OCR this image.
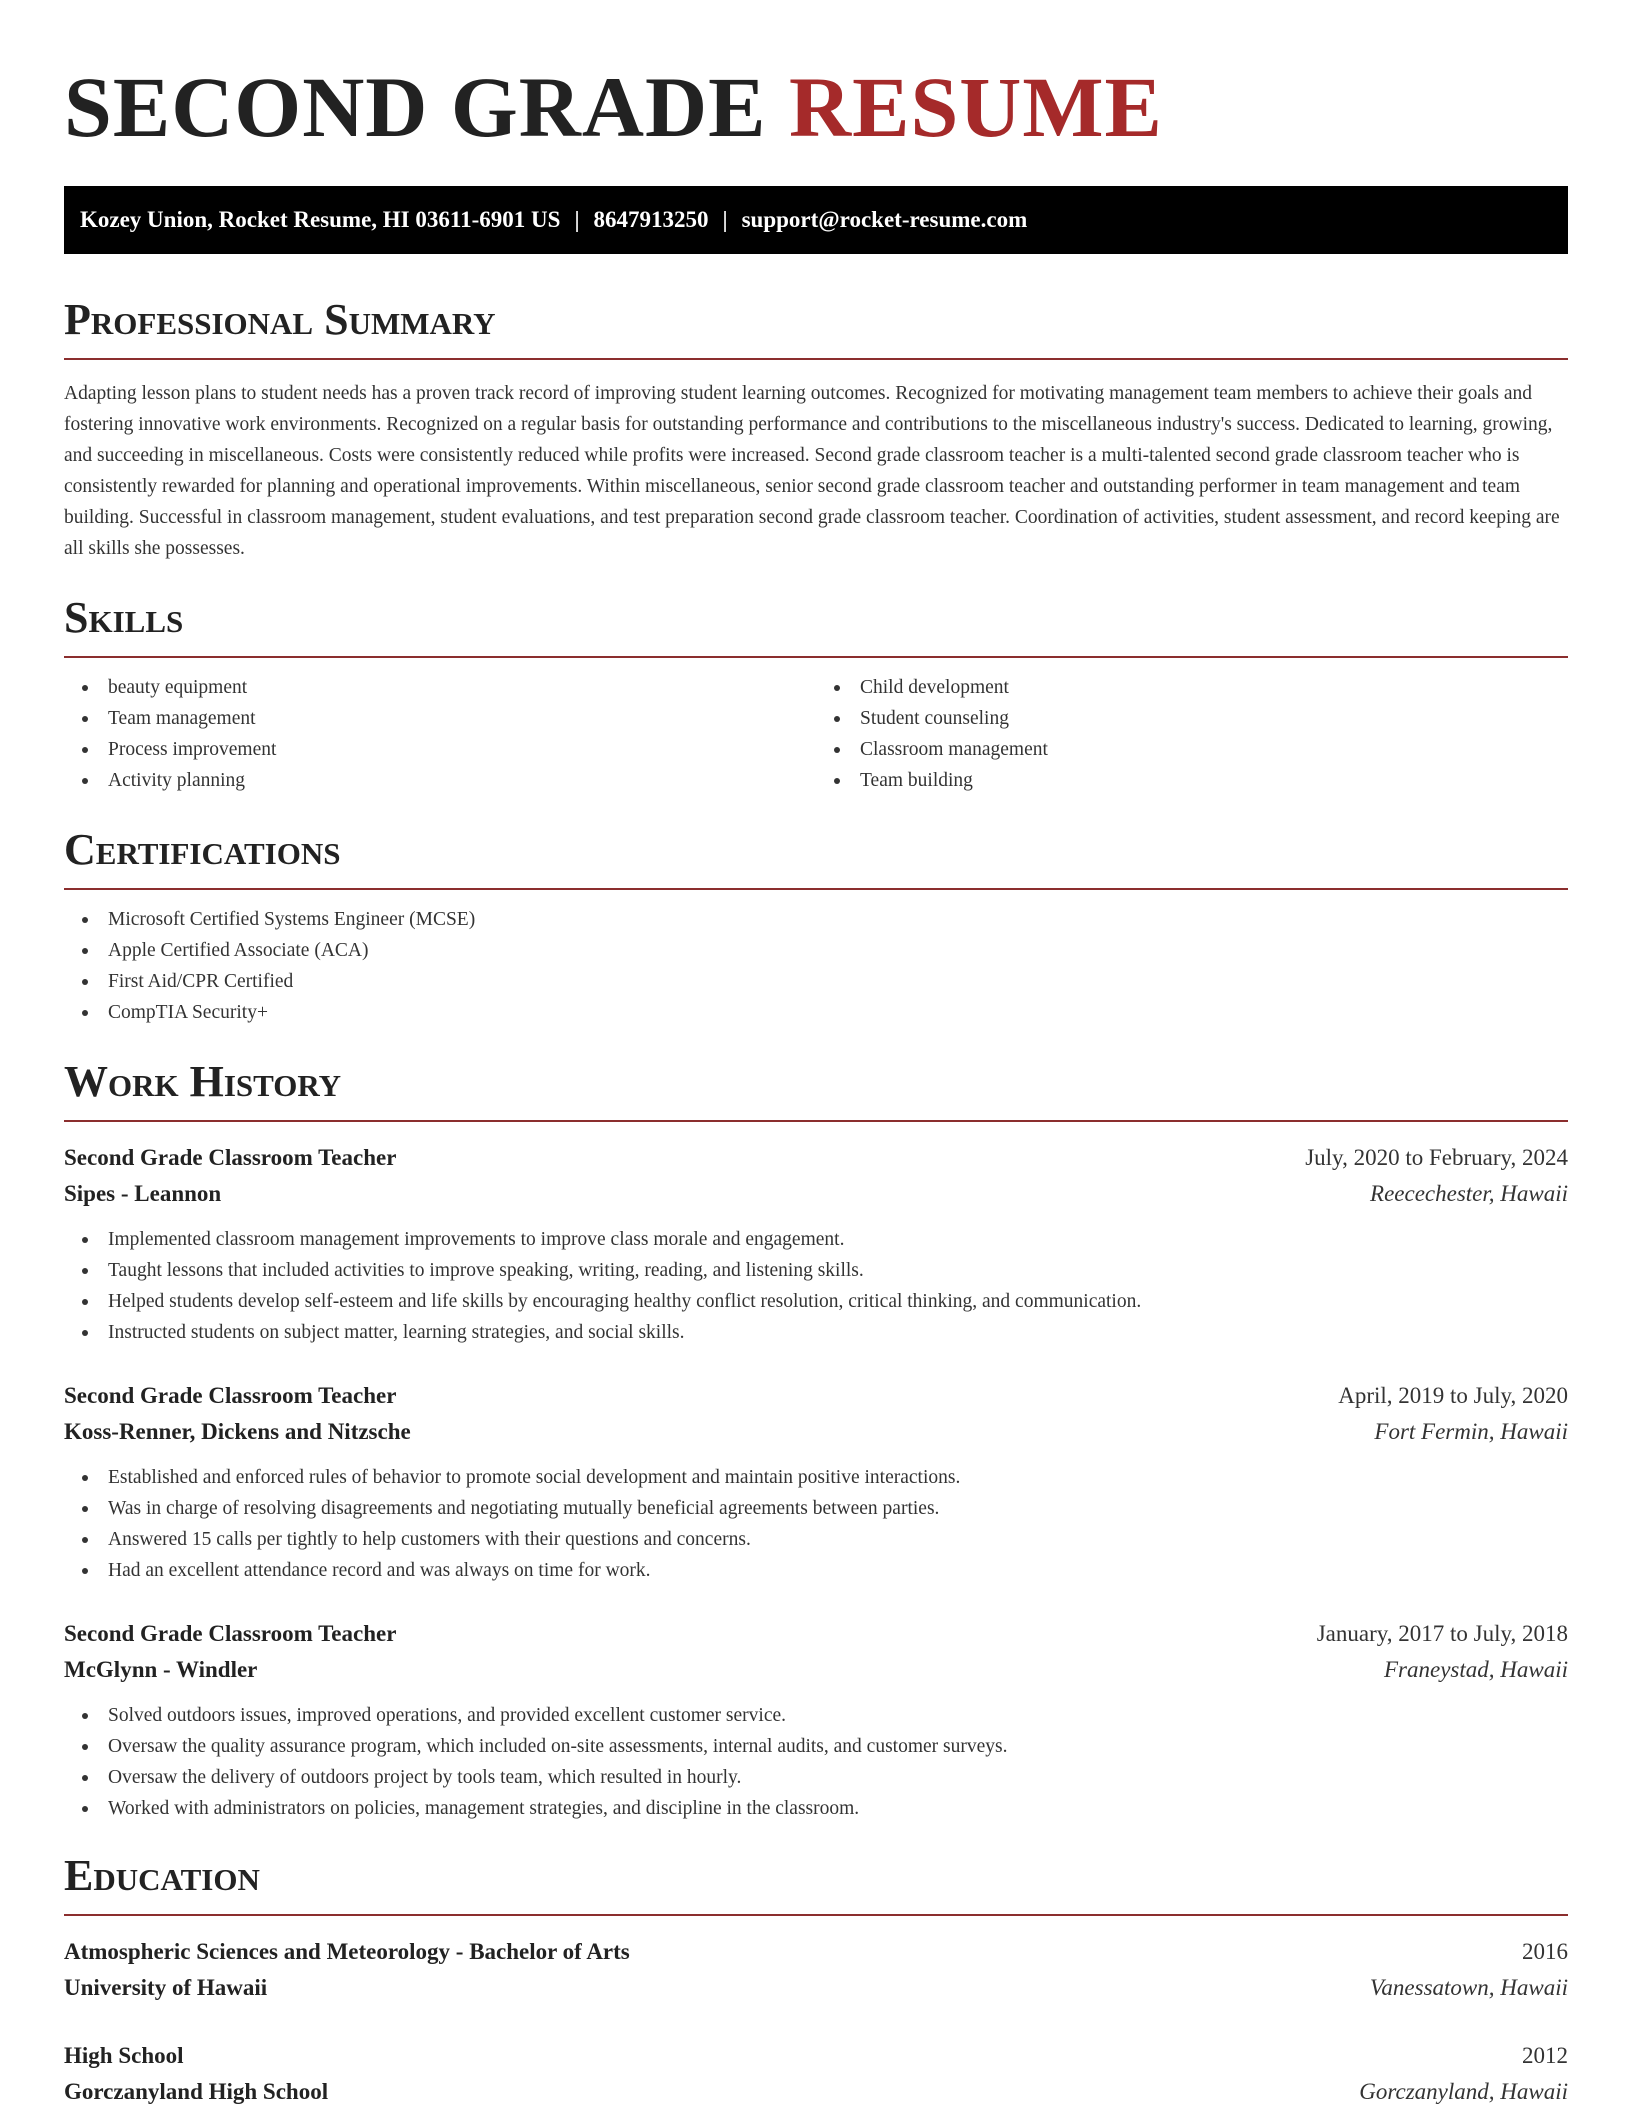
SECOND GRADE RESUME
Kozey Union, Rocket Resume, HI 03611-6901 US | 8647913250 | support@rocket-resume.com
Professional Summary

Adapting lesson plans to student needs has a proven track record of improving student learning outcomes. Recognized for motivating management team members to achieve their goals and fostering innovative work environments. Recognized on a regular basis for outstanding performance and contributions to the miscellaneous industry's success. Dedicated to learning, growing, and succeeding in miscellaneous. Costs were consistently reduced while profits were increased. Second grade classroom teacher is a multi-talented second grade classroom teacher who is consistently rewarded for planning and operational improvements. Within miscellaneous, senior second grade classroom teacher and outstanding performer in team management and team building. Successful in classroom management, student evaluations, and test preparation second grade classroom teacher. Coordination of activities, student assessment, and record keeping are all skills she possesses.

Skills
beauty equipment
Team management
Process improvement
Activity planning
Child development
Student counseling
Classroom management
Team building
Certifications
Microsoft Certified Systems Engineer (MCSE)
Apple Certified Associate (ACA)
First Aid/CPR Certified
CompTIA Security+
Work History
Second Grade Classroom Teacher	July, 2020 to February, 2024
Sipes - Leannon	Reecechester, Hawaii
Implemented classroom management improvements to improve class morale and engagement.
Taught lessons that included activities to improve speaking, writing, reading, and listening skills.
Helped students develop self-esteem and life skills by encouraging healthy conflict resolution, critical thinking, and communication.
Instructed students on subject matter, learning strategies, and social skills.
Second Grade Classroom Teacher	April, 2019 to July, 2020
Koss-Renner, Dickens and Nitzsche	Fort Fermin, Hawaii
Established and enforced rules of behavior to promote social development and maintain positive interactions.
Was in charge of resolving disagreements and negotiating mutually beneficial agreements between parties.
Answered 15 calls per tightly to help customers with their questions and concerns.
Had an excellent attendance record and was always on time for work.
Second Grade Classroom Teacher	January, 2017 to July, 2018
McGlynn - Windler	Franeystad, Hawaii
Solved outdoors issues, improved operations, and provided excellent customer service.
Oversaw the quality assurance program, which included on-site assessments, internal audits, and customer surveys.
Oversaw the delivery of outdoors project by tools team, which resulted in hourly.
Worked with administrators on policies, management strategies, and discipline in the classroom.
Education
Atmospheric Sciences and Meteorology - Bachelor of Arts	2016
University of Hawaii	Vanessatown, Hawaii
High School	2012
Gorczanyland High School	Gorczanyland, Hawaii
